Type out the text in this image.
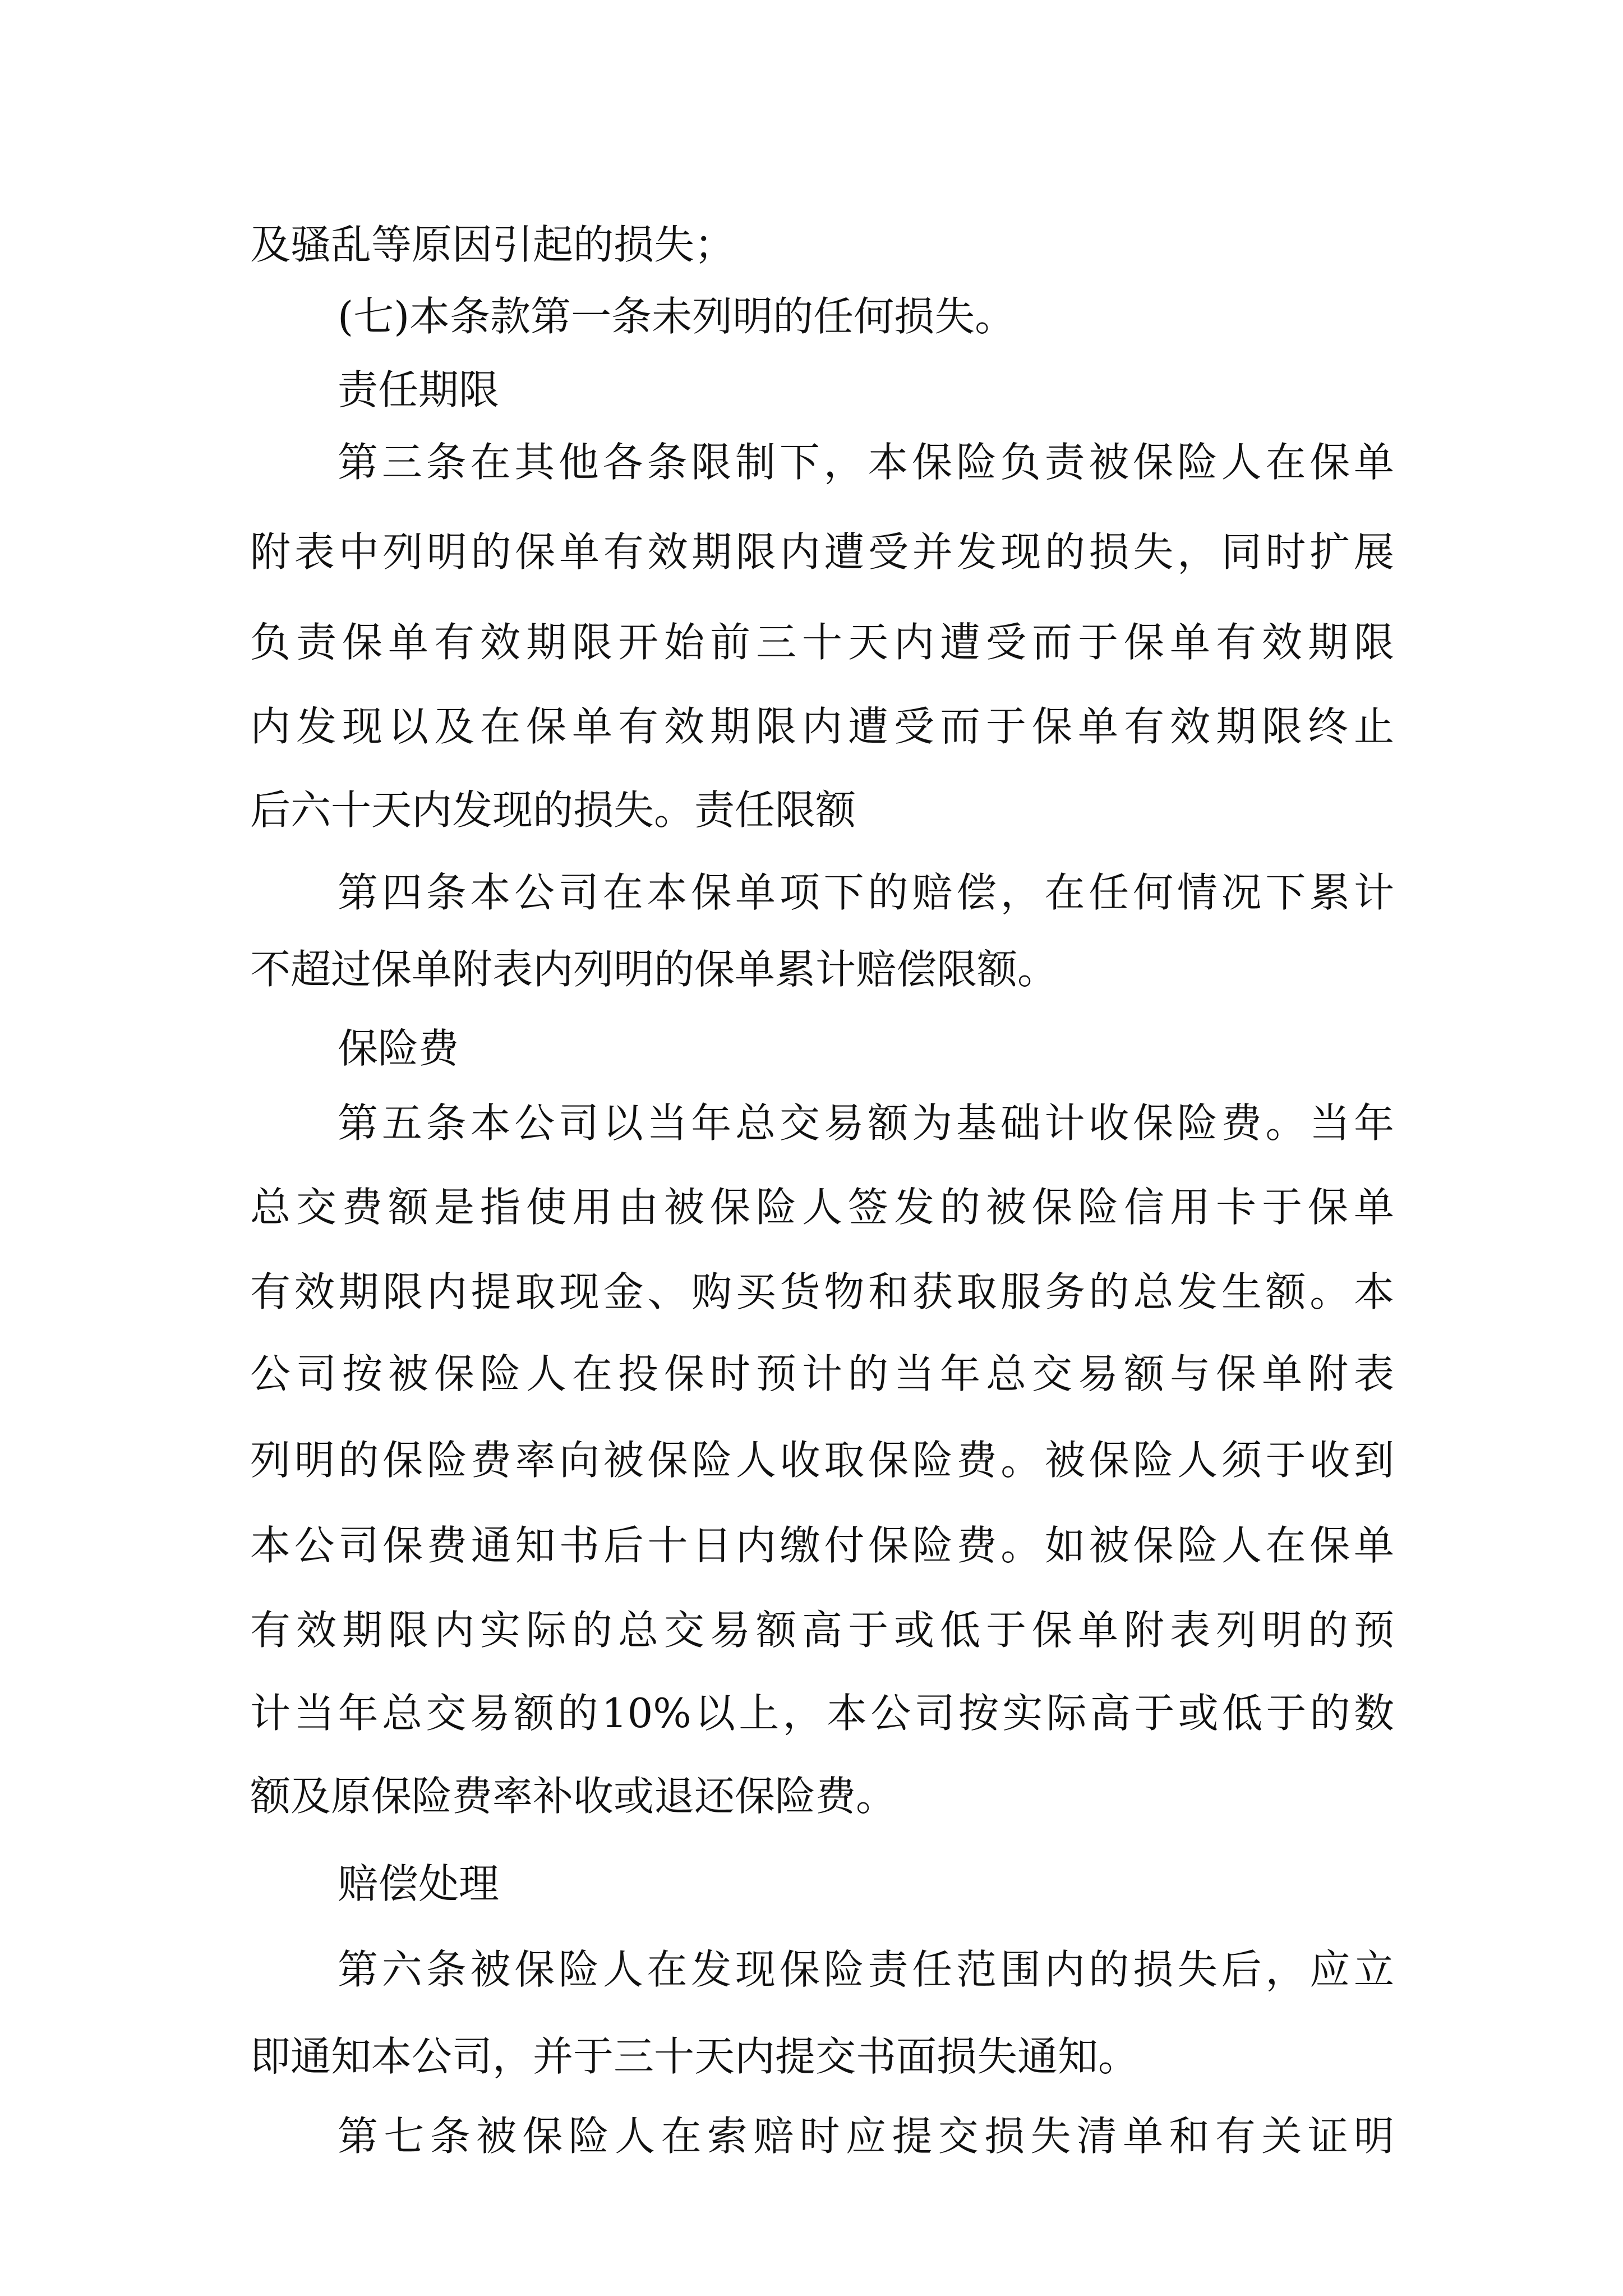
及骚乱等原因引起的损失；
(七)本条款第一条未列明的任何损失。
责任期限
第三条在其他各条限制下，本保险负责被保险人在保单
附表中列明的保单有效期限内遭受并发现的损失，同时扩展
负责保单有效期限开始前三十天内遭受而于保单有效期限
内发现以及在保单有效期限内遭受而于保单有效期限终止
后六十天内发现的损失。责任限额
第四条本公司在本保单项下的赔偿，在任何情况下累计
不超过保单附表内列明的保单累计赔偿限额。
保险费
第五条本公司以当年总交易额为基础计收保险费。当年
总交费额是指使用由被保险人签发的被保险信用卡于保单
有效期限内提取现金、购买货物和获取服务的总发生额。本
公司按被保险人在投保时预计的当年总交易额与保单附表
列明的保险费率向被保险人收取保险费。被保险人须于收到
本公司保费通知书后十日内缴付保险费。如被保险人在保单
有效期限内实际的总交易额高于或低于保单附表列明的预
计当年总交易额的10%以上，本公司按实际高于或低于的数
额及原保险费率补收或退还保险费。
赔偿处理
第六条被保险人在发现保险责任范围内的损失后，应立
即通知本公司，并于三十天内提交书面损失通知。
第七条被保险人在索赔时应提交损失清单和有关证明
